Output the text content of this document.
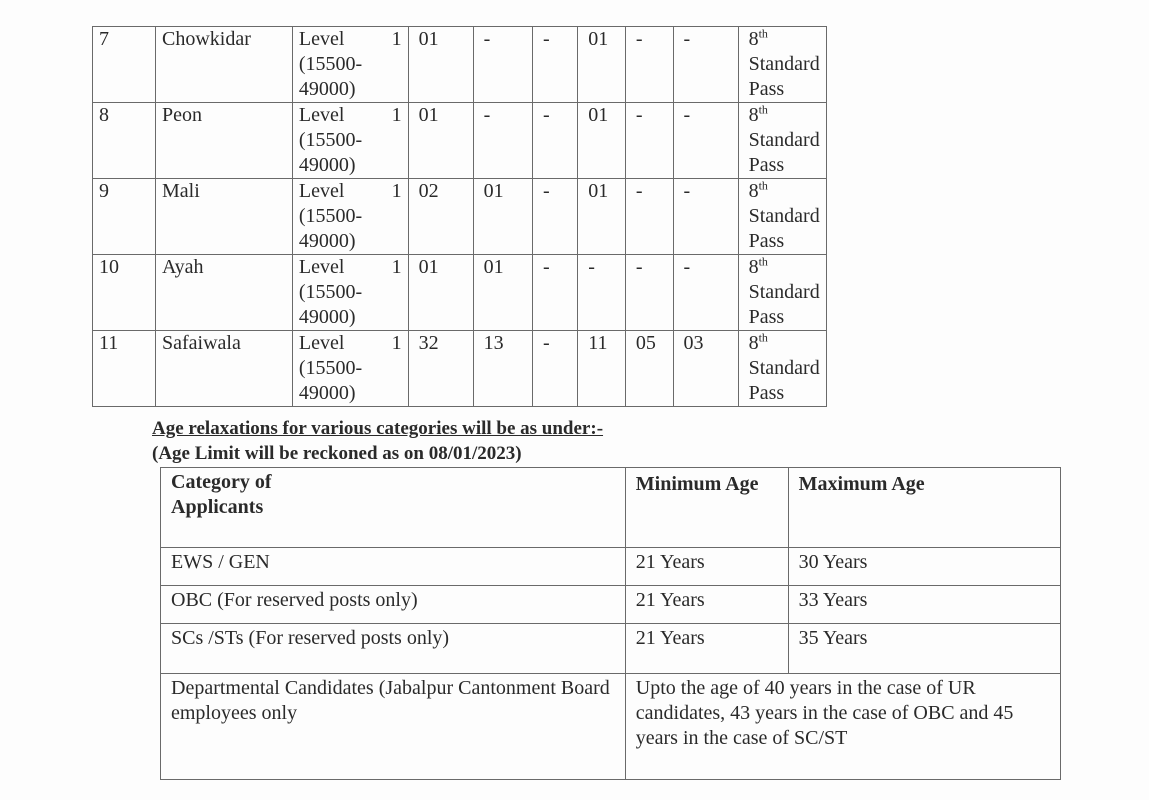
7	Chowkidar	Level 1
(15500-
49000)	01	-	-	01	-	-	8th Standard Pass
8	Peon	Level 1
(15500-
49000)	01	-	-	01	-	-	8th Standard Pass
9	Mali	Level 1
(15500-
49000)	02	01	-	01	-	-	8th Standard Pass
10	Ayah	Level 1
(15500-
49000)	01	01	-	-	-	-	8th Standard Pass
11	Safaiwala	Level 1
(15500-
49000)	32	13	-	11	05	03	8th Standard Pass
Age relaxations for various categories will be as under:-
(Age Limit will be reckoned as on 08/01/2023)
Category of Applicants	Minimum Age	Maximum Age
EWS / GEN	21 Years	30 Years
OBC (For reserved posts only)	21 Years	33 Years
SCs /STs (For reserved posts only)	21 Years	35 Years
Departmental Candidates (Jabalpur Cantonment Board employees only	Upto the age of 40 years in the case of UR candidates, 43 years in the case of OBC and 45 years in the case of SC/ST	
